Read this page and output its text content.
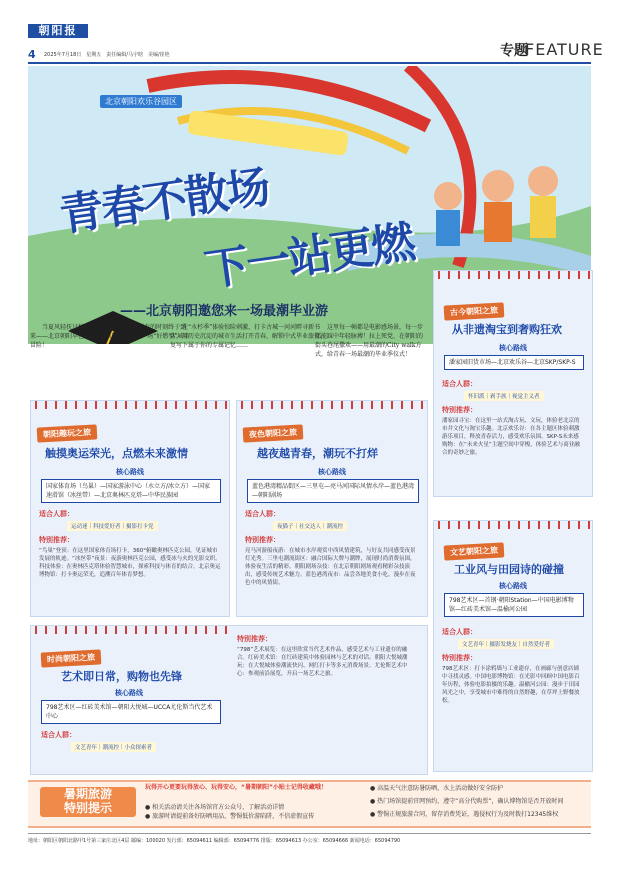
朝阳报
4 2025年7月18日　星期五　责任编辑/马宇晗　美编/崔艳	专题
FEATURE
北京朝阳欢乐谷园区
青春不散场
下一站更燃
——北京朝阳邀您来一场最潮毕业游
　　当夏风轻抚过校园的“水杉季”，告别青春的时刻终于到来——北京朝阳早已为2025届毕业生备好一场“好燃型”城市冒险！
　　在“水杉季”体验惊险刺激，打卡古城一河河畔寻新书店，用历史沉淀的城市生活打开青春，解锁中式毕业旅行，复写下属于你的专属记忆……
　　这里每一帧都是电影感场景，每一步都能踩中年轻脉搏！拉上死党，在朝阳的街头巷尾撒欢——用最潮的City walk方式，给青春一场最潮的毕业季仪式！
古今朝阳之旅
从非遗淘宝到奢购狂欢
核心路线
潘家园旧货市场—北京欢乐谷—北京SKP/SKP-S
适合人群：
怀旧派｜剁手族｜视觉主义者
特别推荐：
潘家园寻宝：在这里一站式淘古玩、文玩，体验老北京的市井文化与淘宝乐趣。北京欢乐谷：在各主题区体验刺激游乐项目，释放青春活力，感受欢乐氛围。SKP-S未来感购物：在“未来火星”主题空间中穿梭，体验艺术与商业融合的奇妙之旅。
朝阳趣玩之旅
触摸奥运荣光，点燃未来激情
核心路线
国家体育场（鸟巢）—国家游泳中心（水立方/冰立方）—国家速滑馆（冰丝带）—北京奥林匹克塔—中华民族园
适合人群：
运动迷｜科技爱好者｜摄影打卡党
特别推荐：
“鸟巢”登顶：在这里国家体育场打卡，360°俯瞰奥林匹克公园，见证城市发展的轨迹。“冰丝带”夜景：夜游奥林匹克公园，感受冰与火的光影交织。科技体验：在奥林匹克塔体验智慧城市，探索科技与体育的结合。北京奥运博物馆：打卡奥运荣光，追溯百年体育梦想。
夜色朝阳之旅
越夜越青春，潮玩不打烊
核心路线
蓝色港湾精品街区—三里屯—亮马河国际风情水岸—蓝色港湾—朝阳剧场
适合人群：
夜猫子｜社交达人｜潮流控
特别推荐：
亮马河游船夜游：在城市水岸观赏中西风情建筑，与好友共同感受夜景灯光秀。三里屯潮流街区：融合国际大牌与潮牌，展现时尚消费氛围，体验夜生活的精彩。朝阳剧场杂技：在北京朝阳剧场观看精彩杂技演出，感受传统艺术魅力。蓝色港湾夜市：品尝各地美食小吃，漫步在夜色中的风情街。
文艺朝阳之旅
工业风与田园诗的碰撞
核心路线
798艺术区—首钢·朝阳Station—中国电影博物馆—红砖美术馆—温榆河公园
适合人群：
文艺青年｜摄影发烧友｜自然爱好者
特别推荐：
798艺术区：打卡涂鸦墙与工业遗存，在画廊与创意店铺中寻找灵感。中国电影博物馆：在光影中回顾中国电影百年历程，体验电影拍摄的乐趣。温榆河公园：漫步于田园风光之中，享受城市中难得的自然野趣，在草坪上野餐放松。
时尚朝阳之旅
艺术即日常，购物也先锋
核心路线
798艺术区—红砖美术馆—朝阳大悦城—UCCA尤伦斯当代艺术中心
适合人群：
文艺青年｜潮流控｜小众探索者
特别推荐：
“798”艺术展览：在这里欣赏当代艺术作品，感受艺术与工业遗存的融合。红砖美术馆：在红砖建筑中体验园林与艺术的对话。朝阳大悦城潮玩：在大悦城体验潮流快闪、网红打卡等多元消费场景。尤伦斯艺术中心：参观前沿展览，开启一场艺术之旅。
暑期旅游
特别提示
玩得开心更要玩得放心、玩得安心，“暑期朝阳”小贴士记得收藏哦！
● 相关活动请关注各场馆官方公众号，了解活动详情
● 旅游时请提前备好防晒用品，警惕低价游陷阱，不信虚假宣传
● 高温天气注意防暑防晒，水上活动做好安全防护
● 热门场馆提前官网预约，遵守“高分代购票”，确认博物馆是否开放时间
● 警惕正规旅游合同，留存消费凭证，遇侵权行为及时拨打12345维权
地址：朝阳区朝阳北路甲1号第三家庄北区4层 邮编：100020 发行部：65094611 编辑部：65094776 排版：65094613 办公室：65094666 新闻电话：65094790
